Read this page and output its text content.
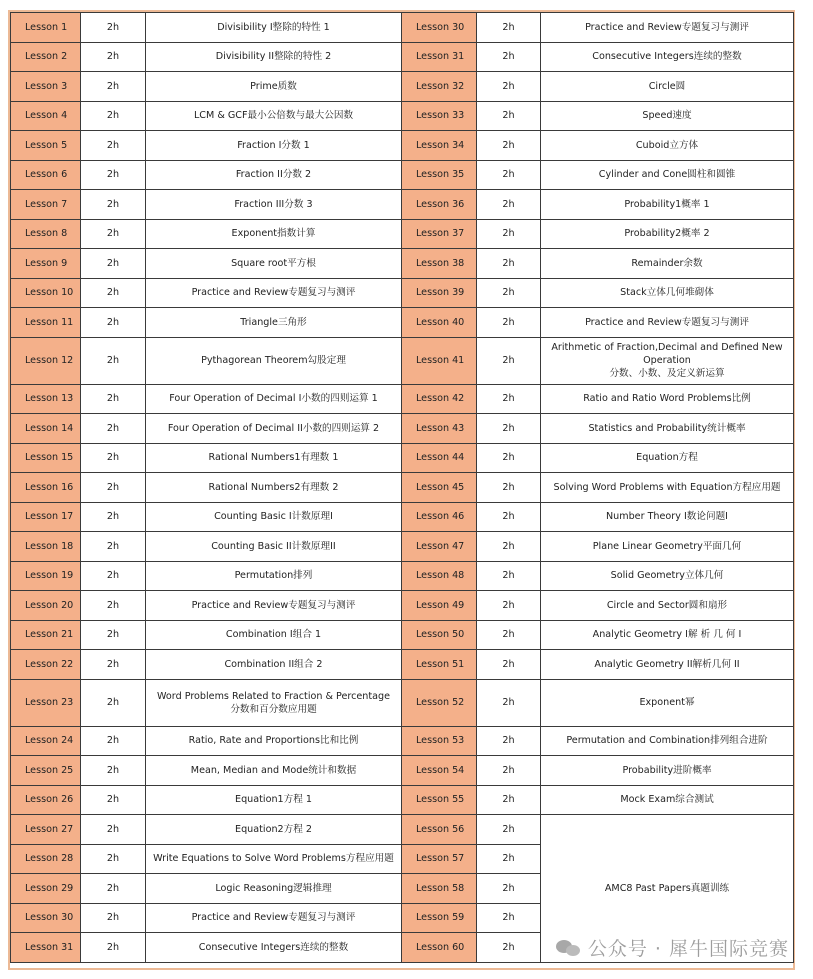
Lesson 1	2h	Divisibility I整除的特性 1	Lesson 30	2h	Practice and Review专题复习与测评
Lesson 2	2h	Divisibility II整除的特性 2	Lesson 31	2h	Consecutive Integers连续的整数
Lesson 3	2h	Prime质数	Lesson 32	2h	Circle圆
Lesson 4	2h	LCM & GCF最小公倍数与最大公因数	Lesson 33	2h	Speed速度
Lesson 5	2h	Fraction I分数 1	Lesson 34	2h	Cuboid立方体
Lesson 6	2h	Fraction II分数 2	Lesson 35	2h	Cylinder and Cone圆柱和圆锥
Lesson 7	2h	Fraction III分数 3	Lesson 36	2h	Probability1概率 1
Lesson 8	2h	Exponent指数计算	Lesson 37	2h	Probability2概率 2
Lesson 9	2h	Square root平方根	Lesson 38	2h	Remainder余数
Lesson 10	2h	Practice and Review专题复习与测评	Lesson 39	2h	Stack立体几何堆砌体
Lesson 11	2h	Triangle三角形	Lesson 40	2h	Practice and Review专题复习与测评
Lesson 12	2h	Pythagorean Theorem勾股定理	Lesson 41	2h	Arithmetic of Fraction,Decimal and Defined New Operation
分数、小数、及定义新运算
Lesson 13	2h	Four Operation of Decimal I小数的四则运算 1	Lesson 42	2h	Ratio and Ratio Word Problems比例
Lesson 14	2h	Four Operation of Decimal II小数的四则运算 2	Lesson 43	2h	Statistics and Probability统计概率
Lesson 15	2h	Rational Numbers1有理数 1	Lesson 44	2h	Equation方程
Lesson 16	2h	Rational Numbers2有理数 2	Lesson 45	2h	Solving Word Problems with Equation方程应用题
Lesson 17	2h	Counting Basic I计数原理I	Lesson 46	2h	Number Theory I数论问题I
Lesson 18	2h	Counting Basic II计数原理II	Lesson 47	2h	Plane Linear Geometry平面几何
Lesson 19	2h	Permutation排列	Lesson 48	2h	Solid Geometry立体几何
Lesson 20	2h	Practice and Review专题复习与测评	Lesson 49	2h	Circle and Sector圆和扇形
Lesson 21	2h	Combination I组合 1	Lesson 50	2h	Analytic Geometry I解 析 几 何 I
Lesson 22	2h	Combination II组合 2	Lesson 51	2h	Analytic Geometry II解析几何 II
Lesson 23	2h	Word Problems Related to Fraction & Percentage
分数和百分数应用题	Lesson 52	2h	Exponent幂
Lesson 24	2h	Ratio, Rate and Proportions比和比例	Lesson 53	2h	Permutation and Combination排列组合进阶
Lesson 25	2h	Mean, Median and Mode统计和数据	Lesson 54	2h	Probability进阶概率
Lesson 26	2h	Equation1方程 1	Lesson 55	2h	Mock Exam综合测试
Lesson 27	2h	Equation2方程 2	Lesson 56	2h	AMC8 Past Papers真题训练
Lesson 28	2h	Write Equations to Solve Word Problems方程应用题	Lesson 57	2h	
Lesson 29	2h	Logic Reasoning逻辑推理	Lesson 58	2h	
Lesson 30	2h	Practice and Review专题复习与测评	Lesson 59	2h	
Lesson 31	2h	Consecutive Integers连续的整数	Lesson 60	2h		公众号 · 犀牛国际竞赛
